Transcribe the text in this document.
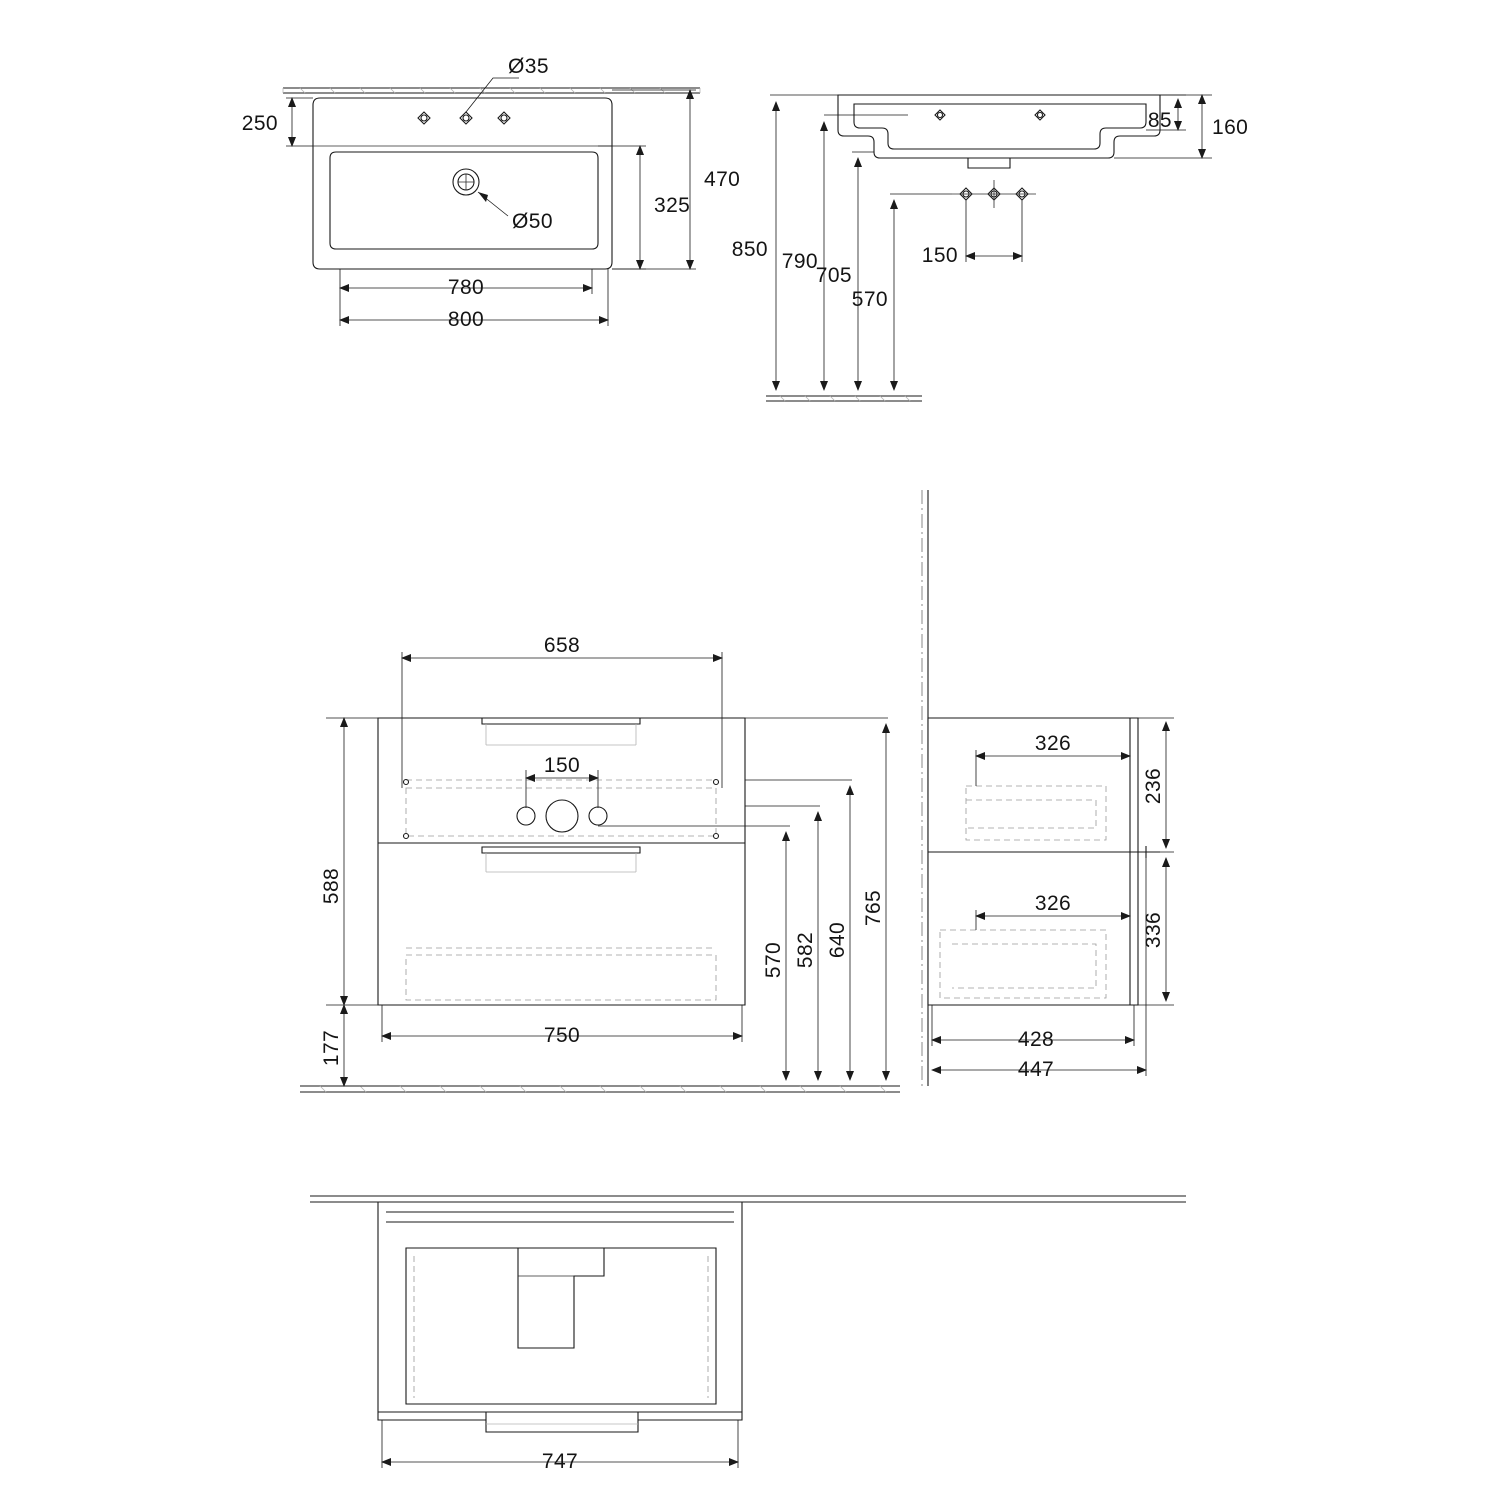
Ø35
Ø50
250
325
470
780
800
850
790
705
570
150
85 160
658
150
588
177	750
570 582 640
765
326
326
236
336
428
447
747
